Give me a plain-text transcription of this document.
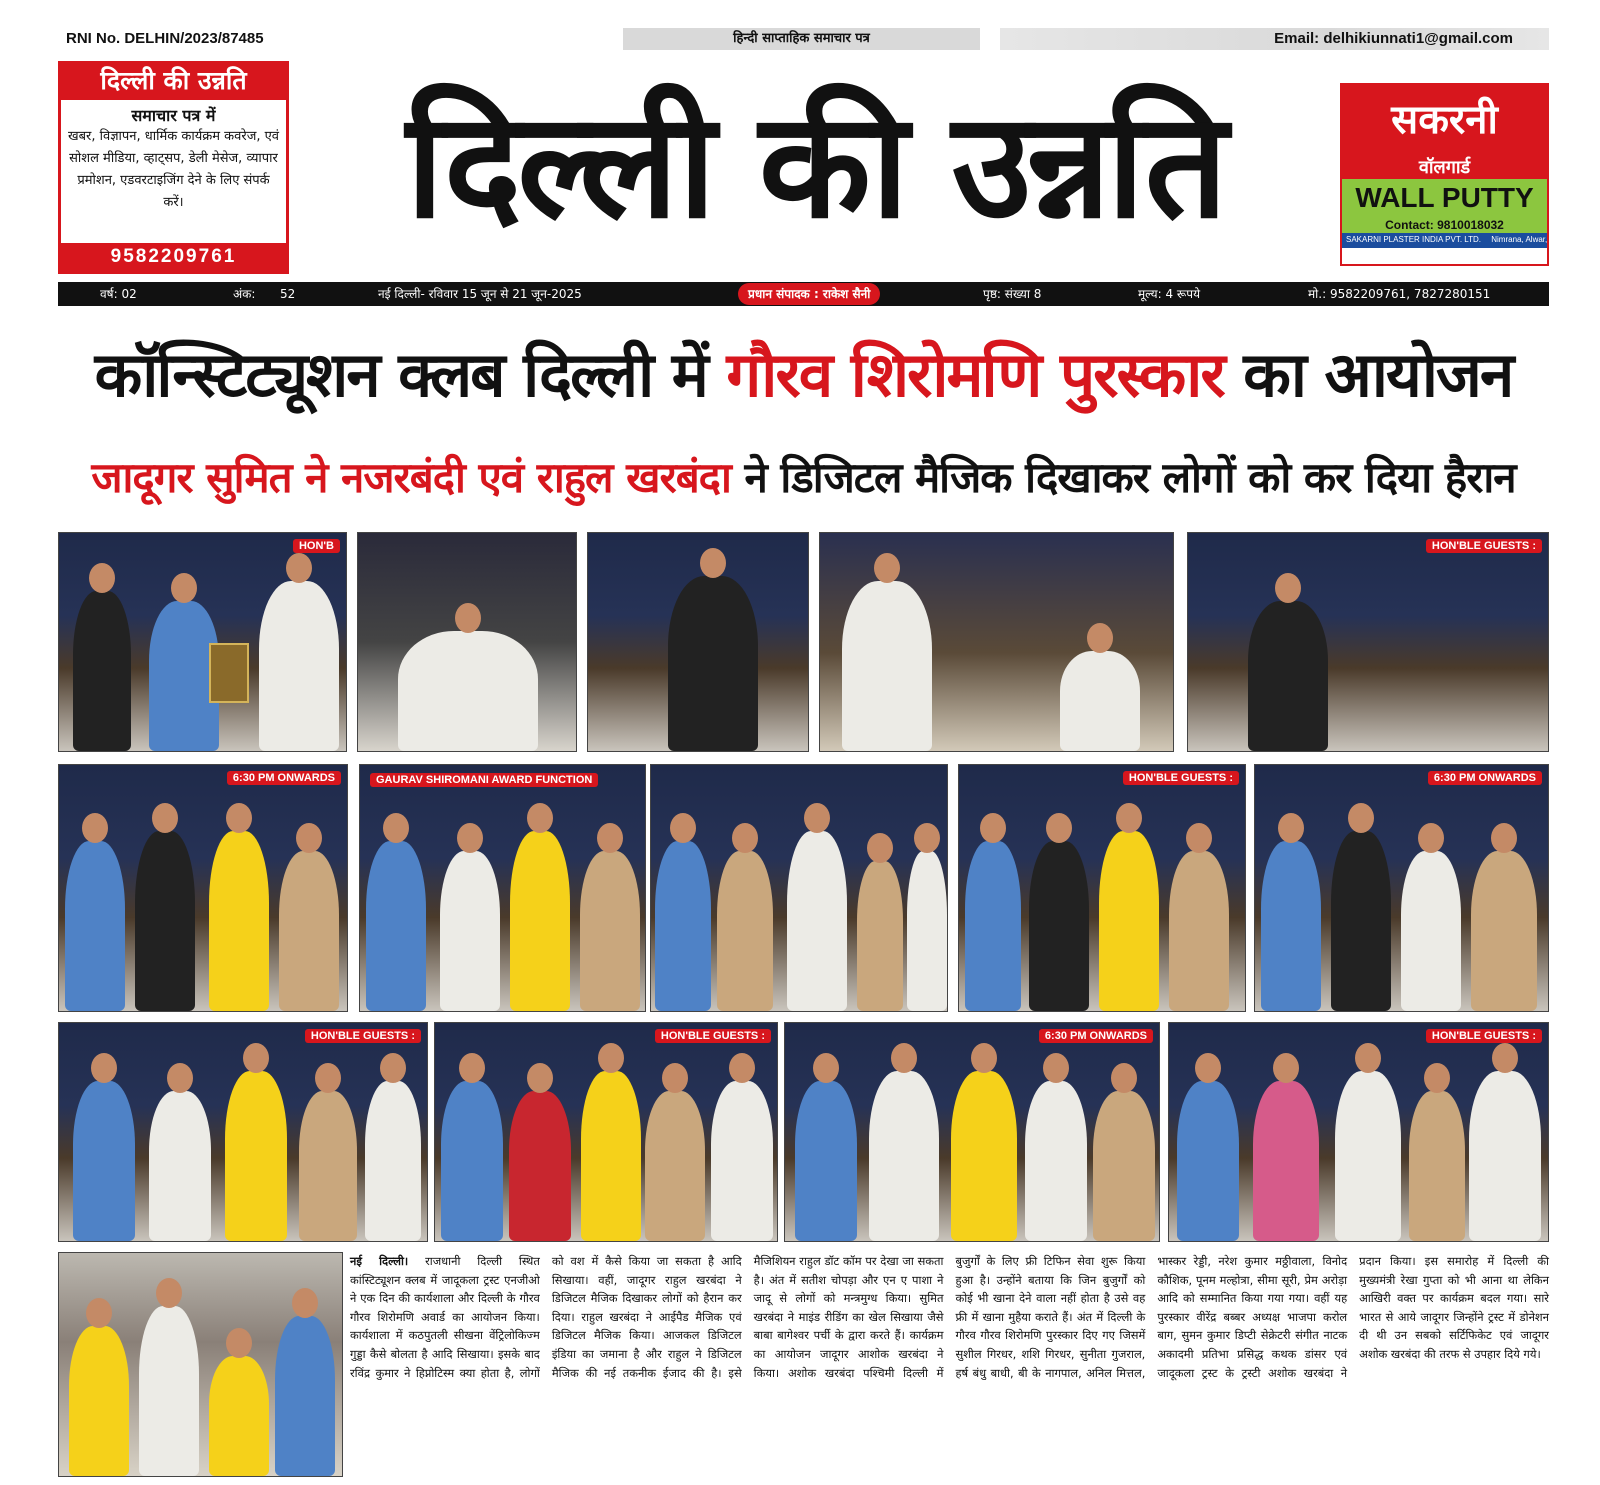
RNI No. DELHIN/2023/87485	हिन्दी साप्ताहिक समाचार पत्र	Email: delhikiunnati1@gmail.com
दिल्ली की उन्नति
समाचार पत्र में
खबर, विज्ञापन, धार्मिक कार्यक्रम कवरेज, एवं सोशल मीडिया, व्हाट्सप, डेली मेसेज, व्यापार प्रमोशन, एडवरटाइजिंग देने के लिए संपर्क करें।
9582209761
दिल्ली की उन्नति	सकरनी
वॉलगार्ड
WALL PUTTY
Contact: 9810018032
SAKARNI PLASTER INDIA PVT. LTD. Nimrana, Alwar, Rajasthan
वर्ष: 02	अंक: 52	नई दिल्ली- रविवार 15 जून से 21 जून-2025	प्रधान संपादक : राकेश सैनी	पृष्ठ: संख्या 8	मूल्य: 4 रूपये	मो.: 9582209761, 7827280151
कॉन्स्टिट्यूशन क्लब दिल्ली में गौरव शिरोमणि पुरस्कार का आयोजन
जादूगर सुमित ने नजरबंदी एवं राहुल खरबंदा ने डिजिटल मैजिक दिखाकर लोगों को कर दिया हैरान
HON'B	HON'BLE GUESTS :
6:30 PM ONWARDS	GAURAV SHIROMANI AWARD FUNCTION	HON'BLE GUESTS :	6:30 PM ONWARDS
HON'BLE GUESTS :	HON'BLE GUESTS :	6:30 PM ONWARDS	HON'BLE GUESTS :
नई दिल्ली। राजधानी दिल्ली स्थित कांस्टिट्यूशन क्लब में जादूकला ट्रस्ट एनजीओ ने एक दिन की कार्यशाला और दिल्ली के गौरव गौरव शिरोमणि अवार्ड का आयोजन किया। कार्यशाला में कठपुतली सीखना वेंट्रिलोकिज्म गुड्डा कैसे बोलता है आदि सिखाया। इसके बाद रविंद्र कुमार ने हिप्नोटिस्म क्या होता है, लोगों को वश में कैसे किया जा सकता है आदि सिखाया। वहीं, जादूगर राहुल खरबंदा ने डिजिटल मैजिक दिखाकर लोगों को हैरान कर दिया। राहुल खरबंदा ने आईपैड मैजिक एवं डिजिटल मैजिक किया। आजकल डिजिटल इंडिया का जमाना है और राहुल ने डिजिटल मैजिक की नई तकनीक ईजाद की है। इसे मैजिशियन राहुल डॉट कॉम पर देखा जा सकता है। अंत में सतीश चोपड़ा और एन ए पाशा ने जादू से लोगों को मन्त्रमुग्ध किया। सुमित खरबंदा ने माइंड रीडिंग का खेल सिखाया जैसे बाबा बागेश्वर पर्ची के द्वारा करते हैं। कार्यक्रम का आयोजन जादूगर आशोक खरबंदा ने किया। अशोक खरबंदा पश्चिमी दिल्ली में बुजुर्गों के लिए फ्री टिफिन सेवा शुरू किया हुआ है। उन्होंने बताया कि जिन बुजुर्गों को कोई भी खाना देने वाला नहीं होता है उसे वह फ्री में खाना मुहैया कराते हैं। अंत में दिल्ली के गौरव गौरव शिरोमणि पुरस्कार दिए गए जिसमें सुशील गिरधर, शशि गिरधर, सुनीता गुजराल, हर्ष बंधु बाधी, बी के नागपाल, अनिल मित्तल, भास्कर रेड्डी, नरेश कुमार मठ्ठीवाला, विनोद कौशिक, पूनम मल्होत्रा, सीमा सूरी, प्रेम अरोड़ा आदि को सम्मानित किया गया गया। वहीं यह पुरस्कार वीरेंद्र बब्बर अध्यक्ष भाजपा करोल बाग, सुमन कुमार डिप्टी सेक्रेटरी संगीत नाटक अकादमी प्रतिभा प्रसिद्ध कथक डांसर एवं जादूकला ट्रस्ट के ट्रस्टी अशोक खरबंदा ने प्रदान किया। इस समारोह में दिल्ली की मुख्यमंत्री रेखा गुप्ता को भी आना था लेकिन आखिरी वक्त पर कार्यक्रम बदल गया। सारे भारत से आये जादूगर जिन्होंने ट्रस्ट में डोनेशन दी थी उन सबको सर्टिफिकेट एवं जादूगर अशोक खरबंदा की तरफ से उपहार दिये गये।
